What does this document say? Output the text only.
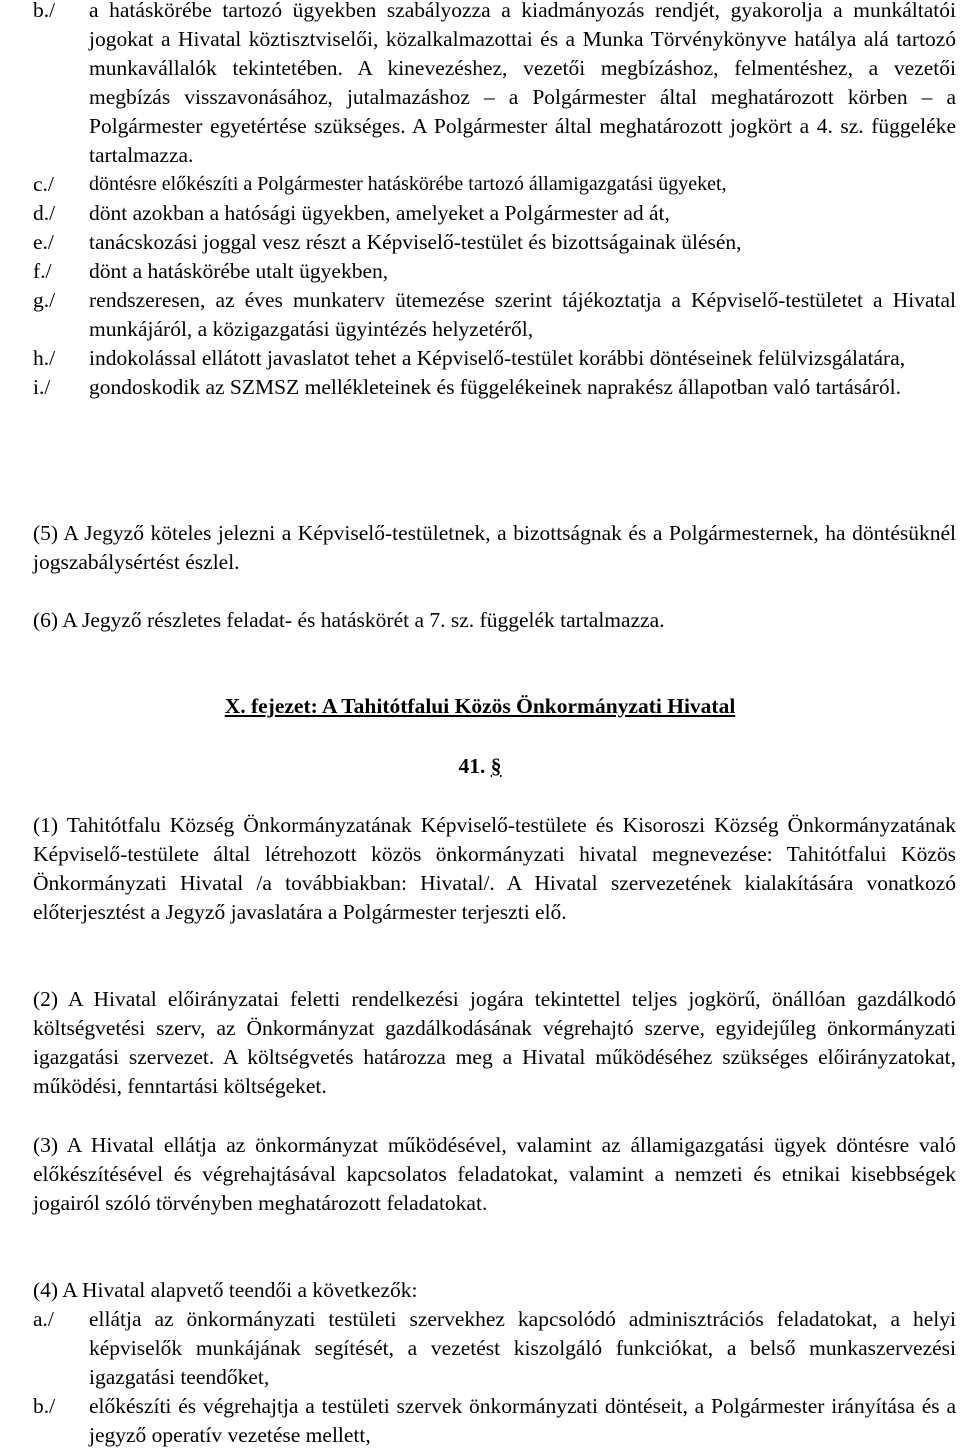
b./	a hatáskörébe tartozó ügyekben szabályozza a kiadmányozás rendjét, gyakorolja a munkáltatói jogokat a Hivatal köztisztviselői, közalkalmazottai és a Munka Törvénykönyve hatálya alá tartozó munkavállalók tekintetében. A kinevezéshez, vezetői megbízáshoz, felmentéshez, a vezetői megbízás visszavonásához, jutalmazáshoz – a Polgármester által meghatározott körben – a Polgármester egyetértése szükséges. A Polgármester által meghatározott jogkört a 4. sz. függeléke tartalmazza.
c./	döntésre előkészíti a Polgármester hatáskörébe tartozó államigazgatási ügyeket,
d./	dönt azokban a hatósági ügyekben, amelyeket a Polgármester ad át,
e./	tanácskozási joggal vesz részt a Képviselő-testület és bizottságainak ülésén,
f./	dönt a hatáskörébe utalt ügyekben,
g./	rendszeresen, az éves munkaterv ütemezése szerint tájékoztatja a Képviselő-testületet a Hivatal munkájáról, a közigazgatási ügyintézés helyzetéről,
h./	indokolással ellátott javaslatot tehet a Képviselő-testület korábbi döntéseinek felülvizsgálatára,
i./	gondoskodik az SZMSZ mellékleteinek és függelékeinek naprakész állapotban való tartásáról.
(5) A Jegyző köteles jelezni a Képviselő-testületnek, a bizottságnak és a Polgármesternek, ha döntésüknél jogszabálysértést észlel.
(6) A Jegyző részletes feladat- és hatáskörét a 7. sz. függelék tartalmazza.
X. fejezet: A Tahitótfalui Közös Önkormányzati Hivatal
41. §
(1) Tahitótfalu Község Önkormányzatának Képviselő-testülete és Kisoroszi Község Önkormányzatának Képviselő-testülete által létrehozott közös önkormányzati hivatal megnevezése: Tahitótfalui Közös Önkormányzati Hivatal /a továbbiakban: Hivatal/. A Hivatal szervezetének kialakítására vonatkozó előterjesztést a Jegyző javaslatára a Polgármester terjeszti elő.
(2) A Hivatal előirányzatai feletti rendelkezési jogára tekintettel teljes jogkörű, önállóan gazdálkodó költségvetési szerv, az Önkormányzat gazdálkodásának végrehajtó szerve, egyidejűleg önkormányzati igazgatási szervezet. A költségvetés határozza meg a Hivatal működéséhez szükséges előirányzatokat, működési, fenntartási költségeket.
(3) A Hivatal ellátja az önkormányzat működésével, valamint az államigazgatási ügyek döntésre való előkészítésével és végrehajtásával kapcsolatos feladatokat, valamint a nemzeti és etnikai kisebbségek jogairól szóló törvényben meghatározott feladatokat.
(4) A Hivatal alapvető teendői a következők:
a./	ellátja az önkormányzati testületi szervekhez kapcsolódó adminisztrációs feladatokat, a helyi képviselők munkájának segítését, a vezetést kiszolgáló funkciókat, a belső munkaszervezési igazgatási teendőket,
b./	előkészíti és végrehajtja a testületi szervek önkormányzati döntéseit, a Polgármester irányítása és a jegyző operatív vezetése mellett,
